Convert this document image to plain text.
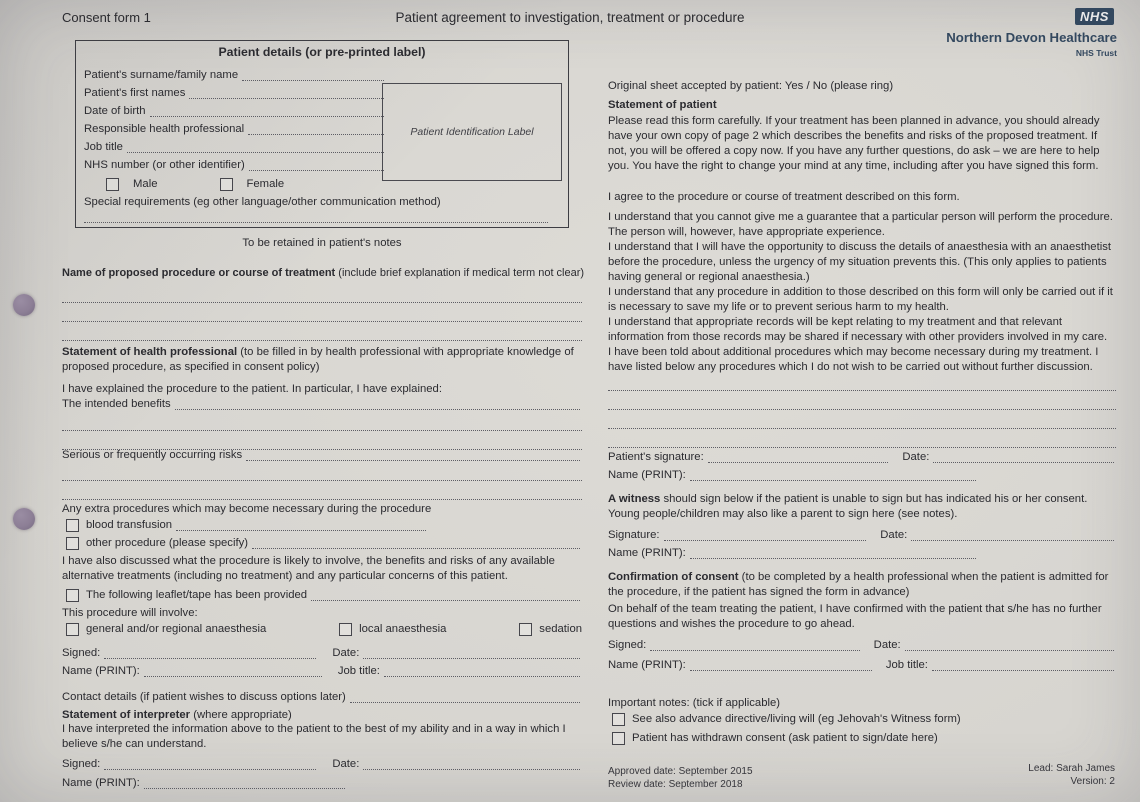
Consent form 1	Patient agreement to investigation, treatment or procedure	NHS
Northern Devon Healthcare
NHS Trust
Patient details (or pre-printed label)
Patient's surname/family name
Patient's first names
Date of birth
Responsible health professional
Job title
NHS number (or other identifier)
Male	Female
Special requirements (eg other language/other communication method)
Patient Identification Label
To be retained in patient's notes
Name of proposed procedure or course of treatment (include brief explanation if medical term not clear)
Statement of health professional (to be filled in by health professional with appropriate knowledge of proposed procedure, as specified in consent policy)
I have explained the procedure to the patient. In particular, I have explained:
The intended benefits
Serious or frequently occurring risks
Any extra procedures which may become necessary during the procedure
blood transfusion
other procedure (please specify)
I have also discussed what the procedure is likely to involve, the benefits and risks of any available alternative treatments (including no treatment) and any particular concerns of this patient.
The following leaflet/tape has been provided
This procedure will involve:
general and/or regional anaesthesia	local anaesthesia	sedation
Signed:	Date:
Name (PRINT):	Job title:
Contact details (if patient wishes to discuss options later)
Statement of interpreter (where appropriate)
I have interpreted the information above to the patient to the best of my ability and in a way in which I believe s/he can understand.
Signed:	Date:
Name (PRINT):
Original sheet accepted by patient: Yes / No (please ring)
Statement of patient
Please read this form carefully. If your treatment has been planned in advance, you should already have your own copy of page 2 which describes the benefits and risks of the proposed treatment. If not, you will be offered a copy now. If you have any further questions, do ask – we are here to help you. You have the right to change your mind at any time, including after you have signed this form.
I agree to the procedure or course of treatment described on this form.
I understand that you cannot give me a guarantee that a particular person will perform the procedure. The person will, however, have appropriate experience.
I understand that I will have the opportunity to discuss the details of anaesthesia with an anaesthetist before the procedure, unless the urgency of my situation prevents this. (This only applies to patients having general or regional anaesthesia.)
I understand that any procedure in addition to those described on this form will only be carried out if it is necessary to save my life or to prevent serious harm to my health.
I understand that appropriate records will be kept relating to my treatment and that relevant information from those records may be shared if necessary with other providers involved in my care.
I have been told about additional procedures which may become necessary during my treatment. I have listed below any procedures which I do not wish to be carried out without further discussion.
Patient's signature:	Date:
Name (PRINT):
A witness should sign below if the patient is unable to sign but has indicated his or her consent. Young people/children may also like a parent to sign here (see notes).
Signature:	Date:
Name (PRINT):
Confirmation of consent (to be completed by a health professional when the patient is admitted for the procedure, if the patient has signed the form in advance)
On behalf of the team treating the patient, I have confirmed with the patient that s/he has no further questions and wishes the procedure to go ahead.
Signed:	Date:
Name (PRINT):	Job title:
Important notes: (tick if applicable)
See also advance directive/living will (eg Jehovah's Witness form)
Patient has withdrawn consent (ask patient to sign/date here)
Approved date: September 2015
Review date: September 2018
Lead: Sarah James
Version: 2
